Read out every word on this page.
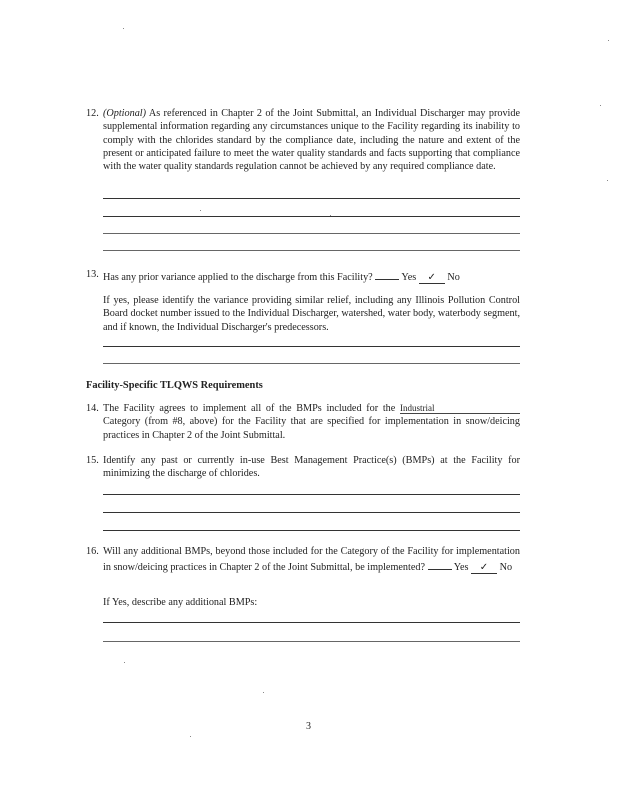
12. (Optional) As referenced in Chapter 2 of the Joint Submittal, an Individual Discharger may provide supplemental information regarding any circumstances unique to the Facility regarding its inability to comply with the chlorides standard by the compliance date, including the nature and extent of the present or anticipated failure to meet the water quality standards and facts supporting that compliance with the water quality standards regulation cannot be achieved by any required compliance date.
13. Has any prior variance applied to the discharge from this Facility?	Yes ✓ No
If yes, please identify the variance providing similar relief, including any Illinois Pollution Control Board docket number issued to the Individual Discharger, watershed, water body, waterbody segment, and if known, the Individual Discharger's predecessors.
Facility-Specific TLQWS Requirements
14. The Facility agrees to implement all of the BMPs included for the Industrial Category (from #8, above) for the Facility that are specified for implementation in snow/deicing practices in Chapter 2 of the Joint Submittal.
15. Identify any past or currently in-use Best Management Practice(s) (BMPs) at the Facility for minimizing the discharge of chlorides.
16. Will any additional BMPs, beyond those included for the Category of the Facility for implementation in snow/deicing practices in Chapter 2 of the Joint Submittal, be implemented?	Yes ✓ No
If Yes, describe any additional BMPs:
3
